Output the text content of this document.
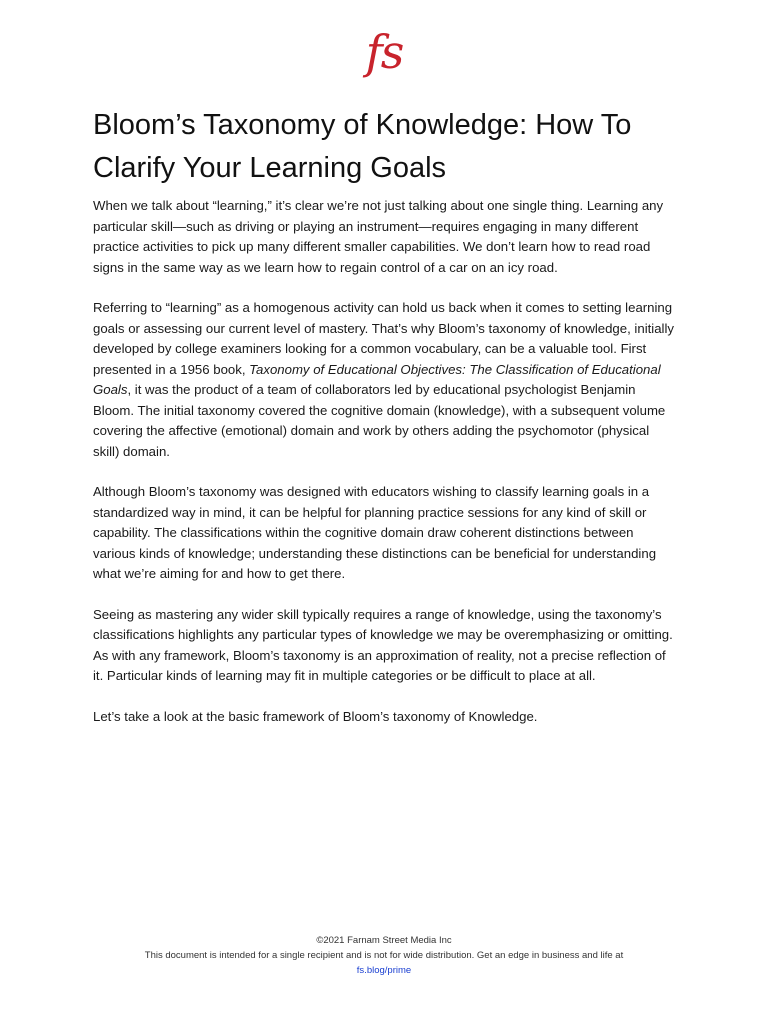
fs
Bloom’s Taxonomy of Knowledge: How To Clarify Your Learning Goals

When we talk about “learning,” it’s clear we’re not just talking about one single thing. Learning any particular skill—such as driving or playing an instrument—requires engaging in many different practice activities to pick up many different smaller capabilities. We don’t learn how to read road signs in the same way as we learn how to regain control of a car on an icy road.

Referring to “learning” as a homogenous activity can hold us back when it comes to setting learning goals or assessing our current level of mastery. That’s why Bloom’s taxonomy of knowledge, initially developed by college examiners looking for a common vocabulary, can be a valuable tool. First presented in a 1956 book, Taxonomy of Educational Objectives: The Classification of Educational Goals, it was the product of a team of collaborators led by educational psychologist Benjamin Bloom. The initial taxonomy covered the cognitive domain (knowledge), with a subsequent volume covering the affective (emotional) domain and work by others adding the psychomotor (physical skill) domain.

Although Bloom’s taxonomy was designed with educators wishing to classify learning goals in a standardized way in mind, it can be helpful for planning practice sessions for any kind of skill or capability. The classifications within the cognitive domain draw coherent distinctions between various kinds of knowledge; understanding these distinctions can be beneficial for understanding what we’re aiming for and how to get there.

Seeing as mastering any wider skill typically requires a range of knowledge, using the taxonomy’s classifications highlights any particular types of knowledge we may be overemphasizing or omitting. As with any framework, Bloom’s taxonomy is an approximation of reality, not a precise reflection of it. Particular kinds of learning may fit in multiple categories or be difficult to place at all.

Let’s take a look at the basic framework of Bloom’s taxonomy of Knowledge.

©2021 Farnam Street Media Inc
This document is intended for a single recipient and is not for wide distribution. Get an edge in business and life at
fs.blog/prime
